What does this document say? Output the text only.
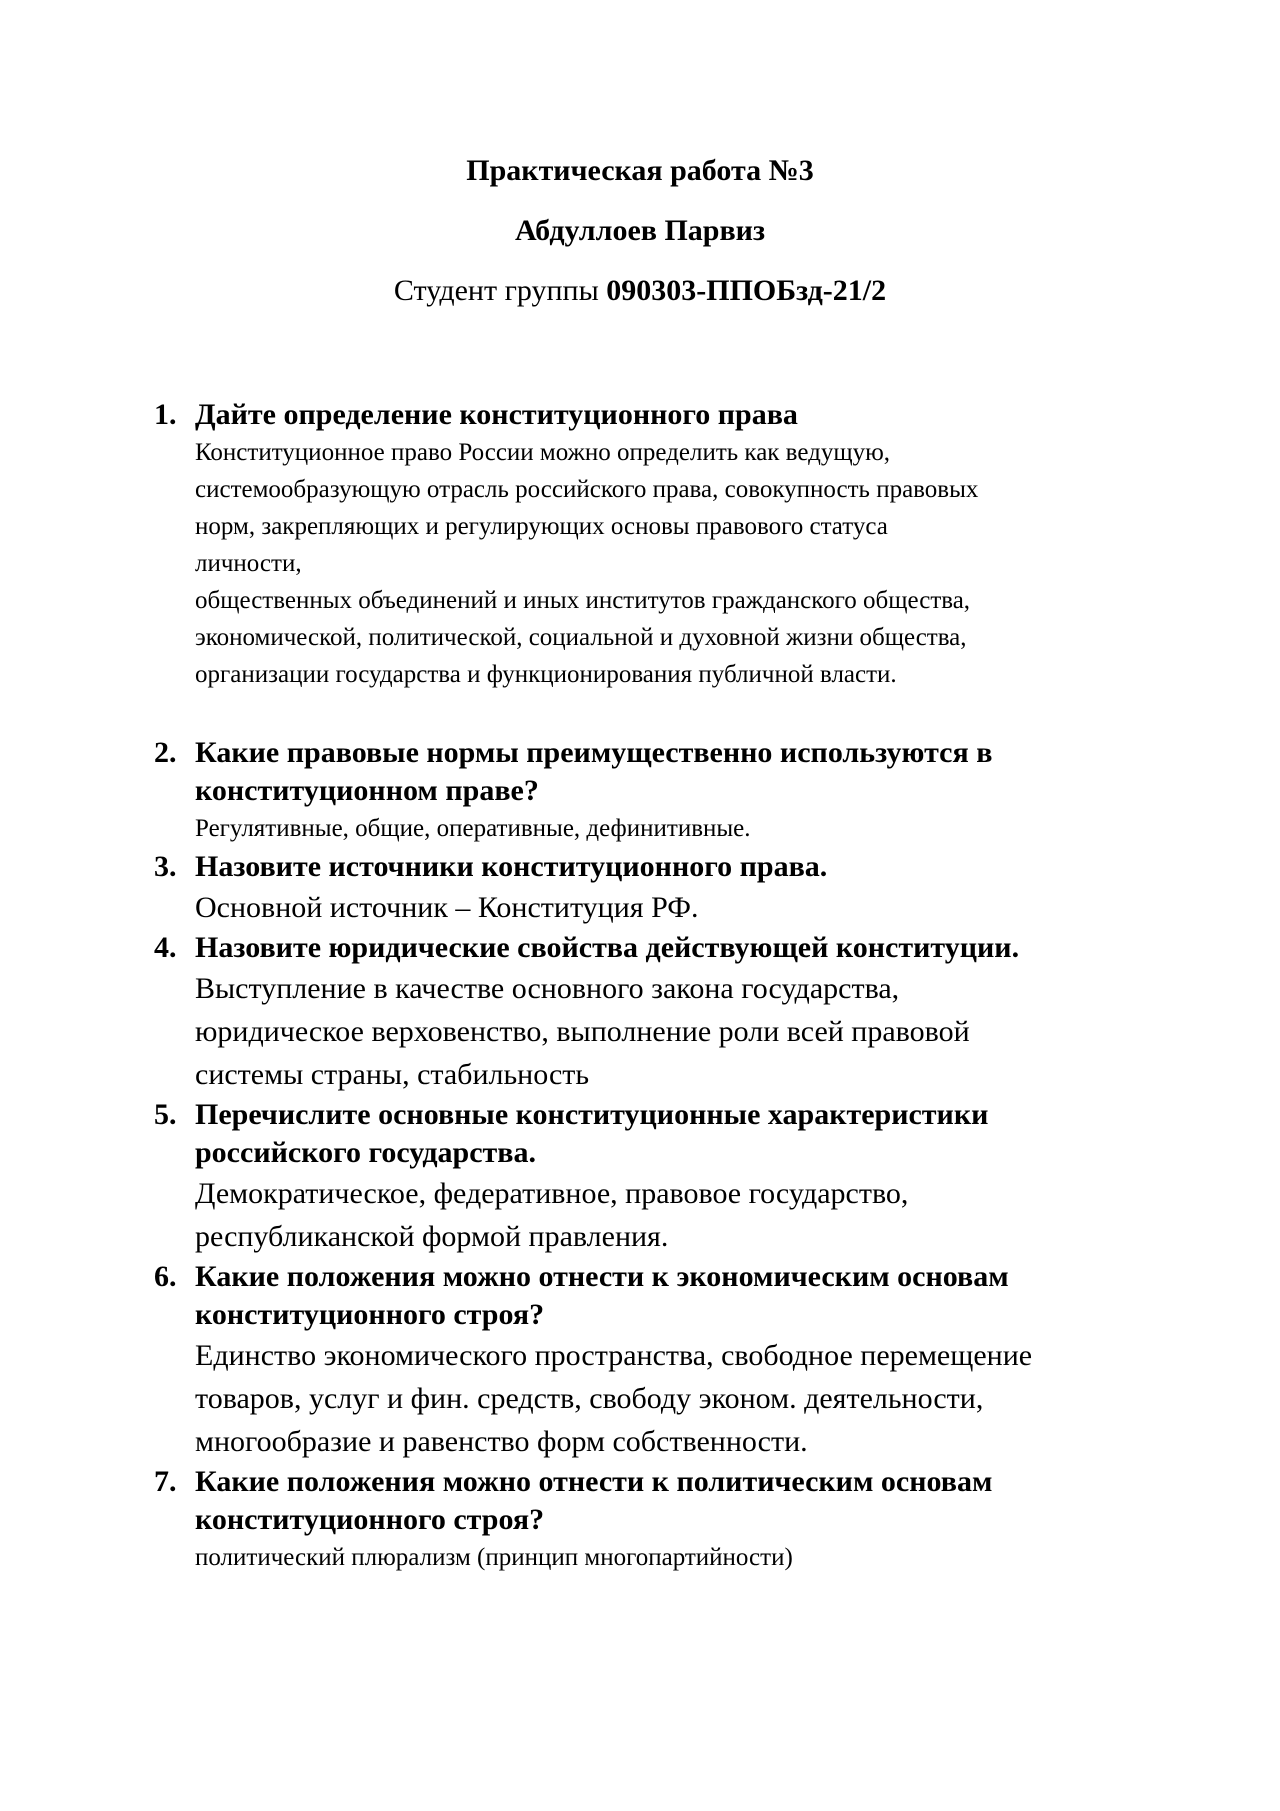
Практическая работа №3
Абдуллоев Парвиз
Студент группы 090303-ППОБзд-21/2
1. Дайте определение конституционного права
Конституционное право России можно определить как ведущую,
системообразующую отрасль российского права, совокупность правовых
норм, закрепляющих и регулирующих основы правового статуса
личности,
общественных объединений и иных институтов гражданского общества,
экономической, политической, социальной и духовной жизни общества,
организации государства и функционирования публичной власти.
2. Какие правовые нормы преимущественно используются в
конституционном праве?
Регулятивные, общие, оперативные, дефинитивные.
3. Назовите источники конституционного права.
Основной источник – Конституция РФ.
4. Назовите юридические свойства действующей конституции.
Выступление в качестве основного закона государства,
юридическое верховенство, выполнение роли всей правовой
системы страны, стабильность
5. Перечислите основные конституционные характеристики
российского государства.
Демократическое, федеративное, правовое государство,
республиканской формой правления.
6. Какие положения можно отнести к экономическим основам
конституционного строя?
Единство экономического пространства, свободное перемещение
товаров, услуг и фин. средств, свободу эконом. деятельности,
многообразие и равенство форм собственности.
7. Какие положения можно отнести к политическим основам
конституционного строя?
политический плюрализм (принцип многопартийности)
